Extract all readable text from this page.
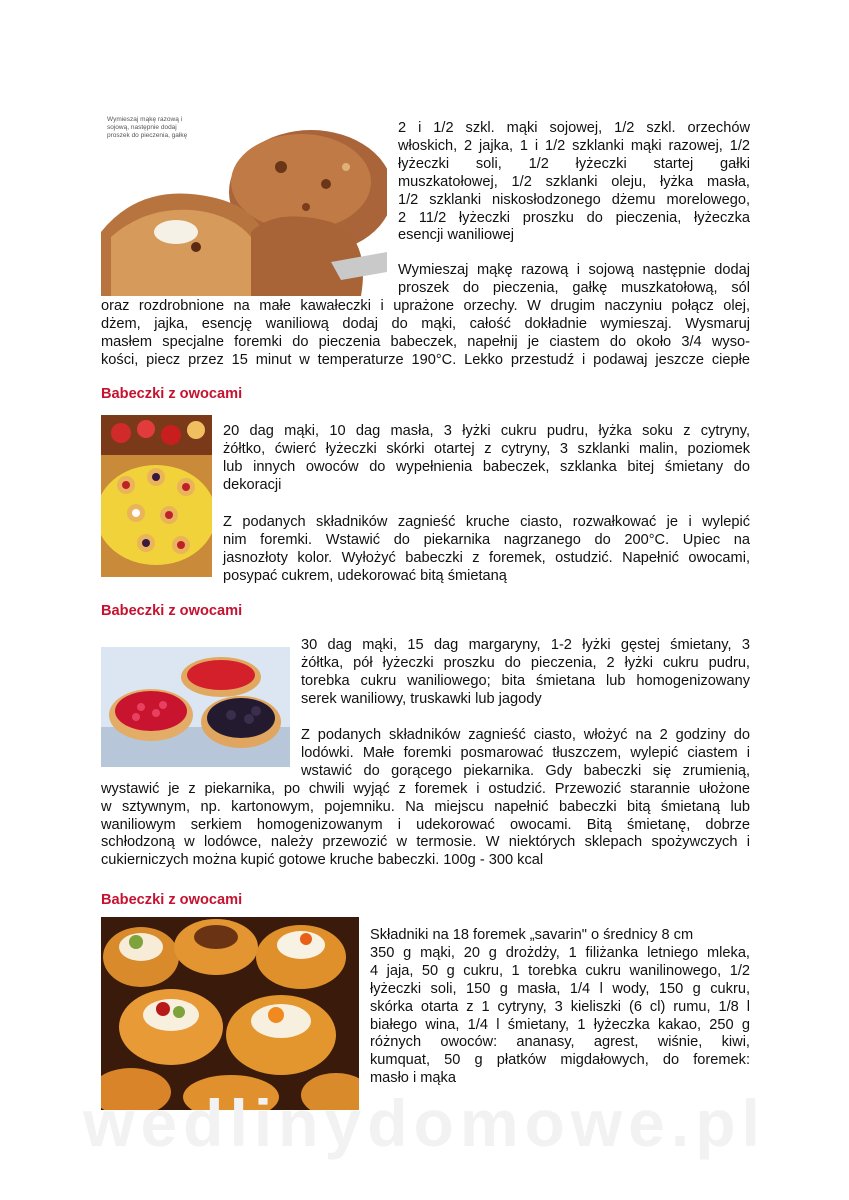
Wymieszaj mąkę razową i sojową, następnie dodaj proszek do pieczenia, gałkę	2 i 1/2 szkl. mąki sojowej, 1/2 szkl. orzechów
włoskich, 2 jajka, 1 i 1/2 szklanki mąki razowej, 1/2
łyżeczki soli, 1/2 łyżeczki startej gałki
muszkatołowej, 1/2 szklanki oleju, łyżka masła,
1/2 szklanki niskosłodzonego dżemu morelowego,
2 11/2 łyżeczki proszku do pieczenia, łyżeczka
esencji waniliowej
Wymieszaj mąkę razową i sojową następnie dodaj
proszek do pieczenia, gałkę muszkatołową, sól
oraz rozdrobnione na małe kawałeczki i uprażone orzechy. W drugim naczyniu połącz olej,
dżem, jajka, esencję waniliową dodaj do mąki, całość dokładnie wymieszaj. Wysmaruj
masłem specjalne foremki do pieczenia babeczek, napełnij je ciastem do około 3/4 wyso-
kości, piecz przez 15 minut w temperaturze 190°C. Lekko przestudź i podawaj jeszcze ciepłe
Babeczki z owocami
20 dag mąki, 10 dag masła, 3 łyżki cukru pudru, łyżka soku z cytryny,
żółtko, ćwierć łyżeczki skórki otartej z cytryny, 3 szklanki malin, poziomek
lub innych owoców do wypełnienia babeczek, szklanka bitej śmietany do
dekoracji
Z podanych składników zagnieść kruche ciasto, rozwałkować je i wylepić
nim foremki. Wstawić do piekarnika nagrzanego do 200°C. Upiec na
jasnozłoty kolor. Wyłożyć babeczki z foremek, ostudzić. Napełnić owocami,
posypać cukrem, udekorować bitą śmietaną
Babeczki z owocami
30 dag mąki, 15 dag margaryny, 1-2 łyżki gęstej śmietany, 3
żółtka, pół łyżeczki proszku do pieczenia, 2 łyżki cukru pudru,
torebka cukru waniliowego; bita śmietana lub homogenizowany
serek waniliowy, truskawki lub jagody
Z podanych składników zagnieść ciasto, włożyć na 2 godziny do
lodówki. Małe foremki posmarować tłuszczem, wylepić ciastem i
wstawić do gorącego piekarnika. Gdy babeczki się zrumienią,
wystawić je z piekarnika, po chwili wyjąć z foremek i ostudzić. Przewozić starannie ułożone
w sztywnym, np. kartonowym, pojemniku. Na miejscu napełnić babeczki bitą śmietaną lub
waniliowym serkiem homogenizowanym i udekorować owocami. Bitą śmietanę, dobrze
schłodzoną w lodówce, należy przewozić w termosie. W niektórych sklepach spożywczych i
cukierniczych można kupić gotowe kruche babeczki. 100g - 300 kcal
Babeczki z owocami
Składniki na 18 foremek „savarin" o średnicy 8 cm
350 g mąki, 20 g drożdży, 1 filiżanka letniego mleka,
4 jaja, 50 g cukru, 1 torebka cukru wanilinowego, 1/2
łyżeczki soli, 150 g masła, 1/4 l wody, 150 g cukru,
skórka otarta z 1 cytryny, 3 kieliszki (6 cl) rumu, 1/8 l
białego wina, 1/4 l śmietany, 1 łyżeczka kakao, 250 g
różnych owoców: ananasy, agrest, wiśnie, kiwi,
kumquat, 50 g płatków migdałowych, do foremek:
masło i mąka
wedlinydomowe.pl
